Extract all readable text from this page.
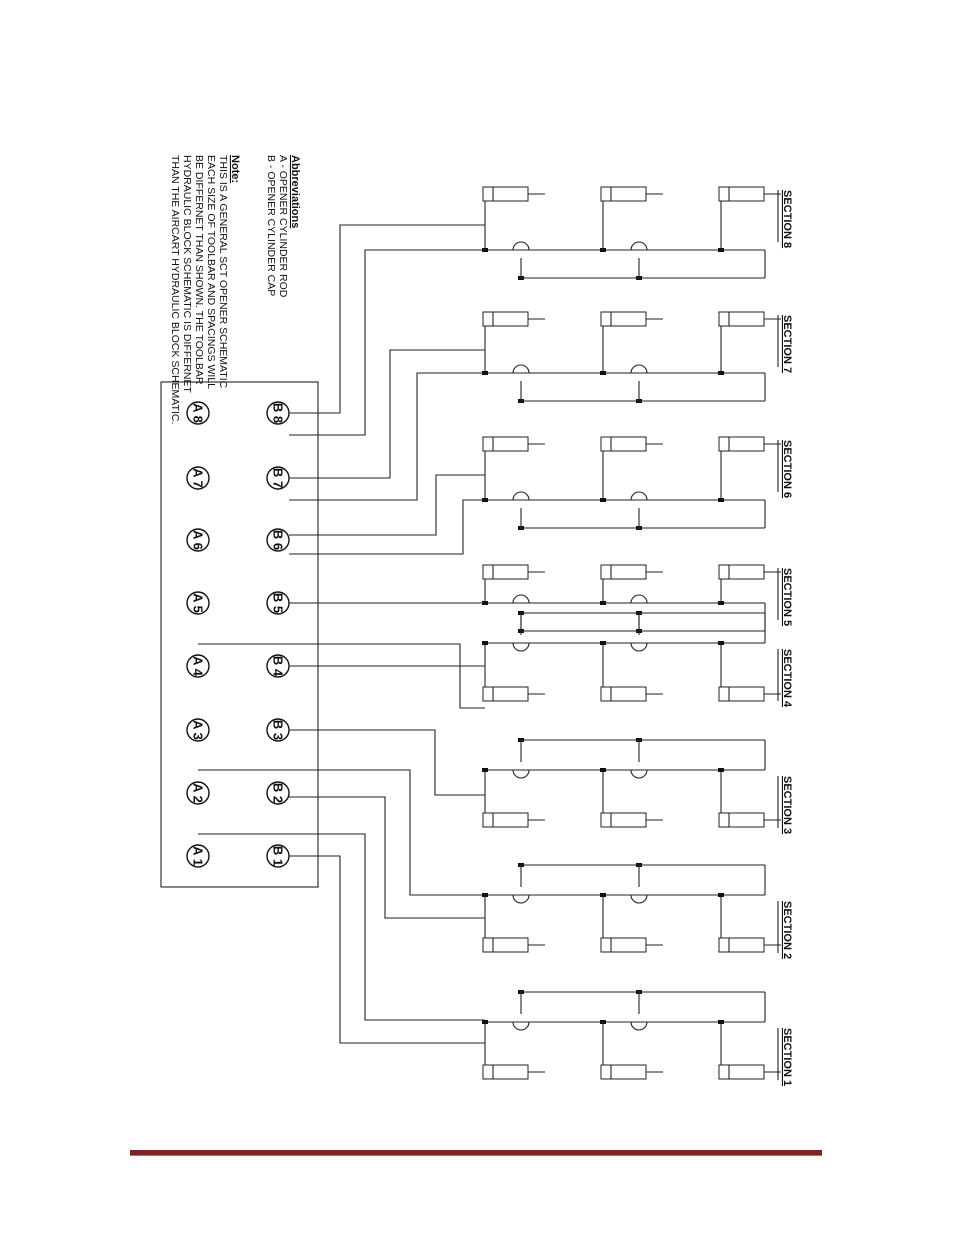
Abbreviations
A - OPENER CYLINDER ROD
B - OPENER CYLINDER CAP
Note:
THIS IS A GENERAL SCT OPENER SCHEMATIC
EACH SIZE OF TOOLBAR AND SPACINGS WILL
BE DIFFERNET THAN SHOWN. THE TOOLBAR
HYDRAULIC BLOCK SCHEMATIC IS DIFFERNET
THAN THE AIRCART HYDRAULIC BLOCK SCHEMATIC.	B 8
A 8
B 7
A 7
B 6
A 6
B 5
A 5
B 4
A 4
B 3
A 3
B 2
A 2
B 1
A 1
SECTION 8
SECTION 7
SECTION 6
SECTION 5
SECTION 4
SECTION 3
SECTION 2
SECTION 1
